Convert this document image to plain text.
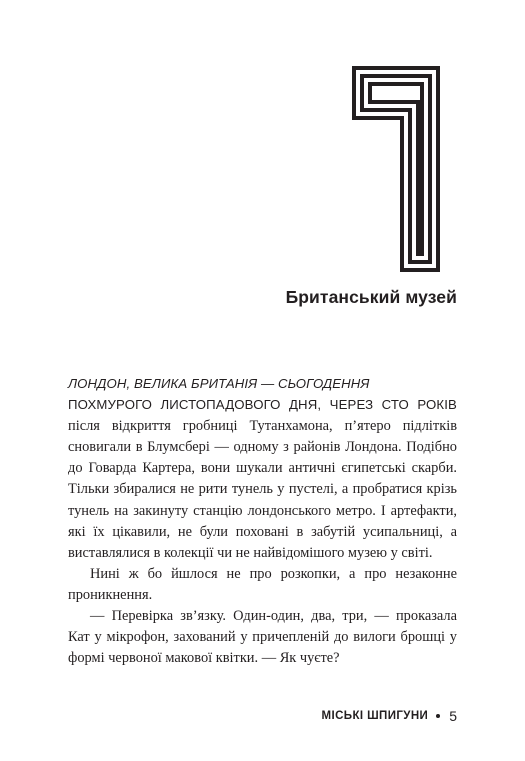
Британський музей
ЛОНДОН, ВЕЛИКА БРИТАНІЯ — СЬОГОДЕННЯ

ПОХМУРОГО ЛИСТОПАДОВОГО ДНЯ, ЧЕРЕЗ СТО РОКІВ після відкриття гробниці Тутанхамона, п’ятеро підлітків сновигали в Блумсбері — одному з районів Лондона. Подібно до Говарда Картера, вони шукали античні єгипетські скарби. Тільки збиралися не рити тунель у пустелі, а пробратися крізь тунель на закинуту станцію лондонського метро. І артефакти, які їх цікавили, не були поховані в забутій усипальниці, а виставлялися в колекції чи не найвідомішого музею у світі.

Нині ж бо йшлося не про розкопки, а про незаконне проникнення.

— Перевірка зв’язку. Один-один, два, три, — проказала Кат у мікрофон, захований у причепленій до вилоги брошці у формі червоної макової квітки. — Як чуєте?

МІСЬКІ ШПИГУНИ 5
